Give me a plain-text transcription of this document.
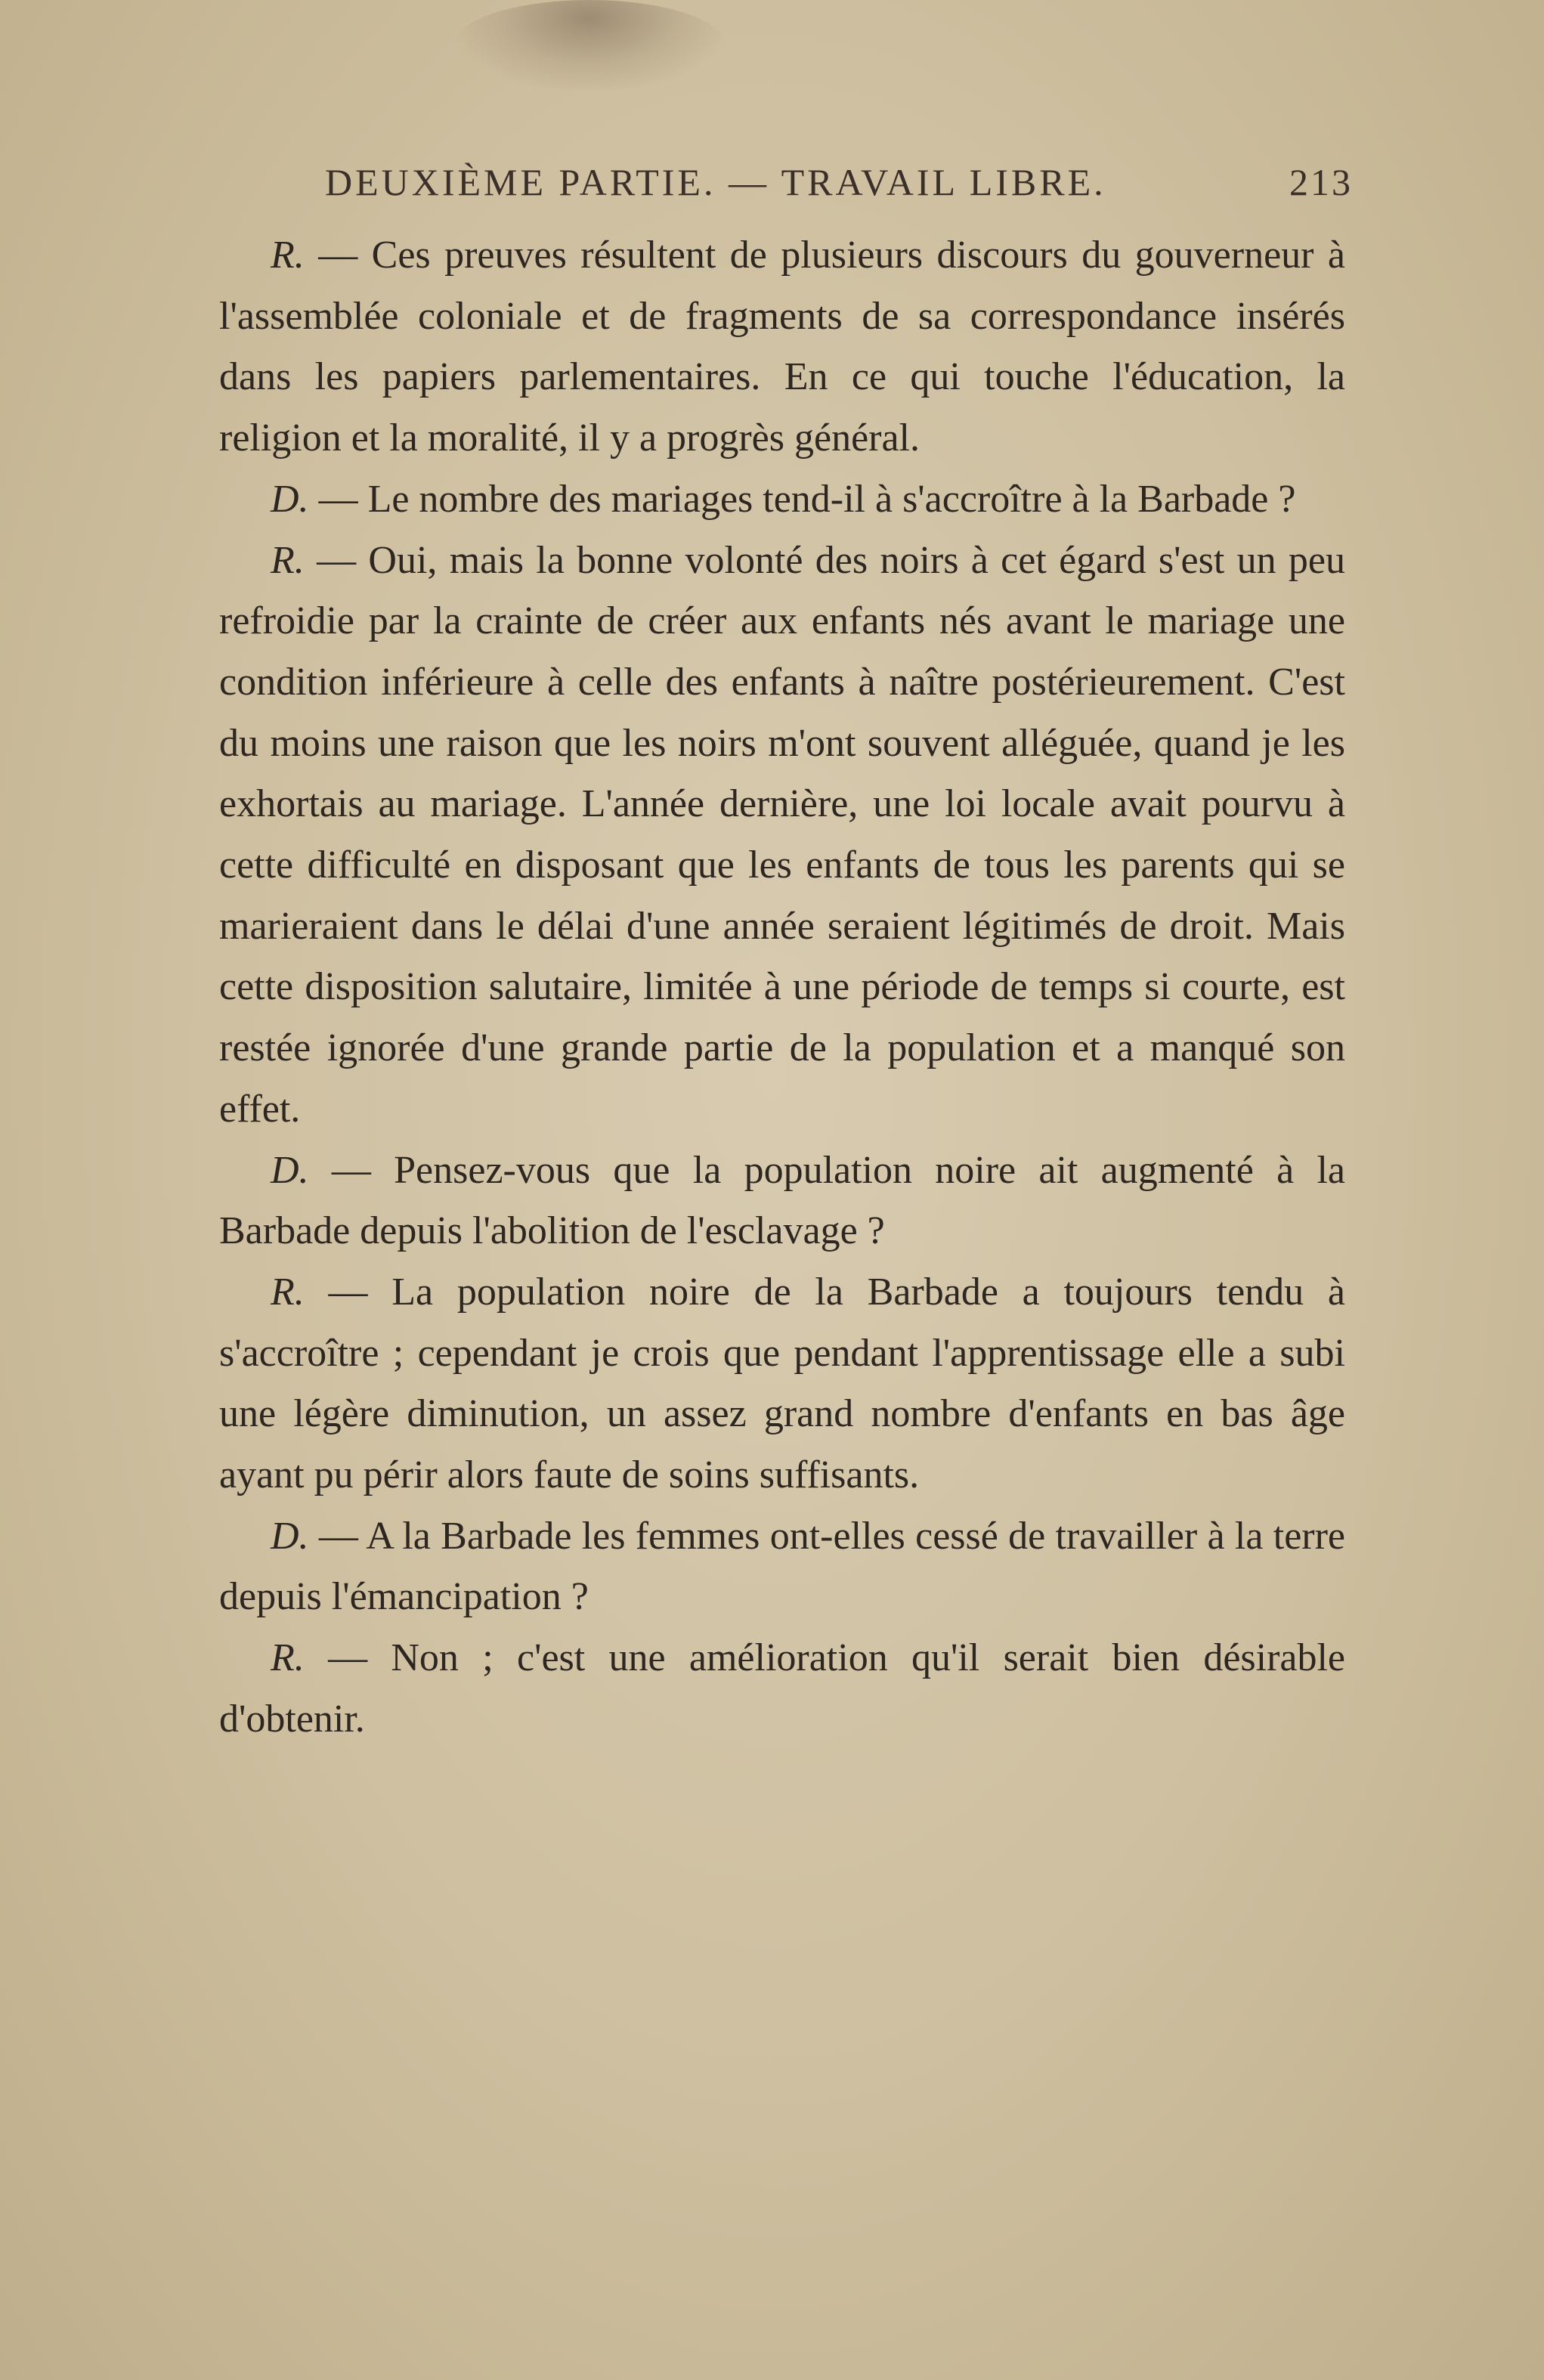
DEUXIÈME PARTIE. — TRAVAIL LIBRE.	213

R. — Ces preuves résultent de plusieurs discours du gouverneur à l'assemblée coloniale et de fragments de sa correspondance insérés dans les papiers parlementaires. En ce qui touche l'éducation, la religion et la moralité, il y a progrès général.

D. — Le nombre des mariages tend-il à s'accroître à la Barbade ?

R. — Oui, mais la bonne volonté des noirs à cet égard s'est un peu refroidie par la crainte de créer aux enfants nés avant le mariage une condition inférieure à celle des enfants à naître postérieurement. C'est du moins une raison que les noirs m'ont souvent alléguée, quand je les exhortais au mariage. L'année dernière, une loi locale avait pourvu à cette difficulté en disposant que les enfants de tous les parents qui se marieraient dans le délai d'une année seraient légitimés de droit. Mais cette disposition salutaire, limitée à une période de temps si courte, est restée ignorée d'une grande partie de la population et a manqué son effet.

D. — Pensez-vous que la population noire ait augmenté à la Barbade depuis l'abolition de l'esclavage ?

R. — La population noire de la Barbade a toujours tendu à s'accroître ; cependant je crois que pendant l'apprentissage elle a subi une légère diminution, un assez grand nombre d'enfants en bas âge ayant pu périr alors faute de soins suffisants.

D. — A la Barbade les femmes ont-elles cessé de travailler à la terre depuis l'émancipation ?

R. — Non ; c'est une amélioration qu'il serait bien désirable d'obtenir.
